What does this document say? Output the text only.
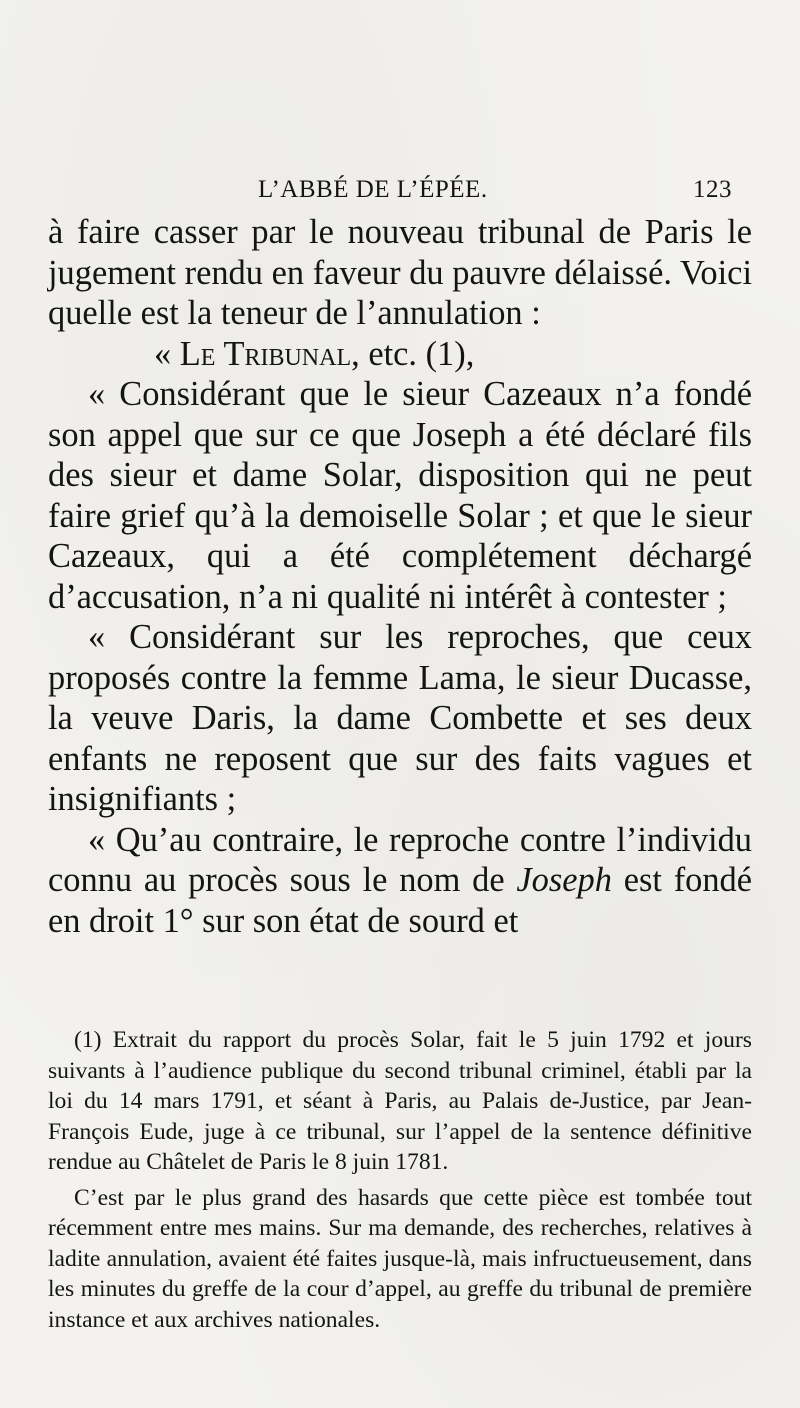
L’ABBÉ DE L’ÉPÉE.	123

à faire casser par le nouveau tribunal de Paris le jugement rendu en faveur du pauvre délaissé. Voici quelle est la teneur de l’annulation :

« Le Tribunal, etc. (1),

« Considérant que le sieur Cazeaux n’a fondé son appel que sur ce que Joseph a été déclaré fils des sieur et dame Solar, disposition qui ne peut faire grief qu’à la demoiselle Solar ; et que le sieur Cazeaux, qui a été complétement déchargé d’accusation, n’a ni qualité ni intérêt à contester ;

« Considérant sur les reproches, que ceux proposés contre la femme Lama, le sieur Ducasse, la veuve Daris, la dame Combette et ses deux enfants ne reposent que sur des faits vagues et insignifiants ;

« Qu’au contraire, le reproche contre l’individu connu au procès sous le nom de Joseph est fondé en droit 1° sur son état de sourd et

(1) Extrait du rapport du procès Solar, fait le 5 juin 1792 et jours suivants à l’audience publique du second tribunal criminel, établi par la loi du 14 mars 1791, et séant à Paris, au Palais de-Justice, par Jean-François Eude, juge à ce tribunal, sur l’appel de la sentence définitive rendue au Châtelet de Paris le 8 juin 1781.

C’est par le plus grand des hasards que cette pièce est tombée tout récemment entre mes mains. Sur ma demande, des recherches, relatives à ladite annulation, avaient été faites jusque-là, mais infructueusement, dans les minutes du greffe de la cour d’appel, au greffe du tribunal de première instance et aux archives nationales.
